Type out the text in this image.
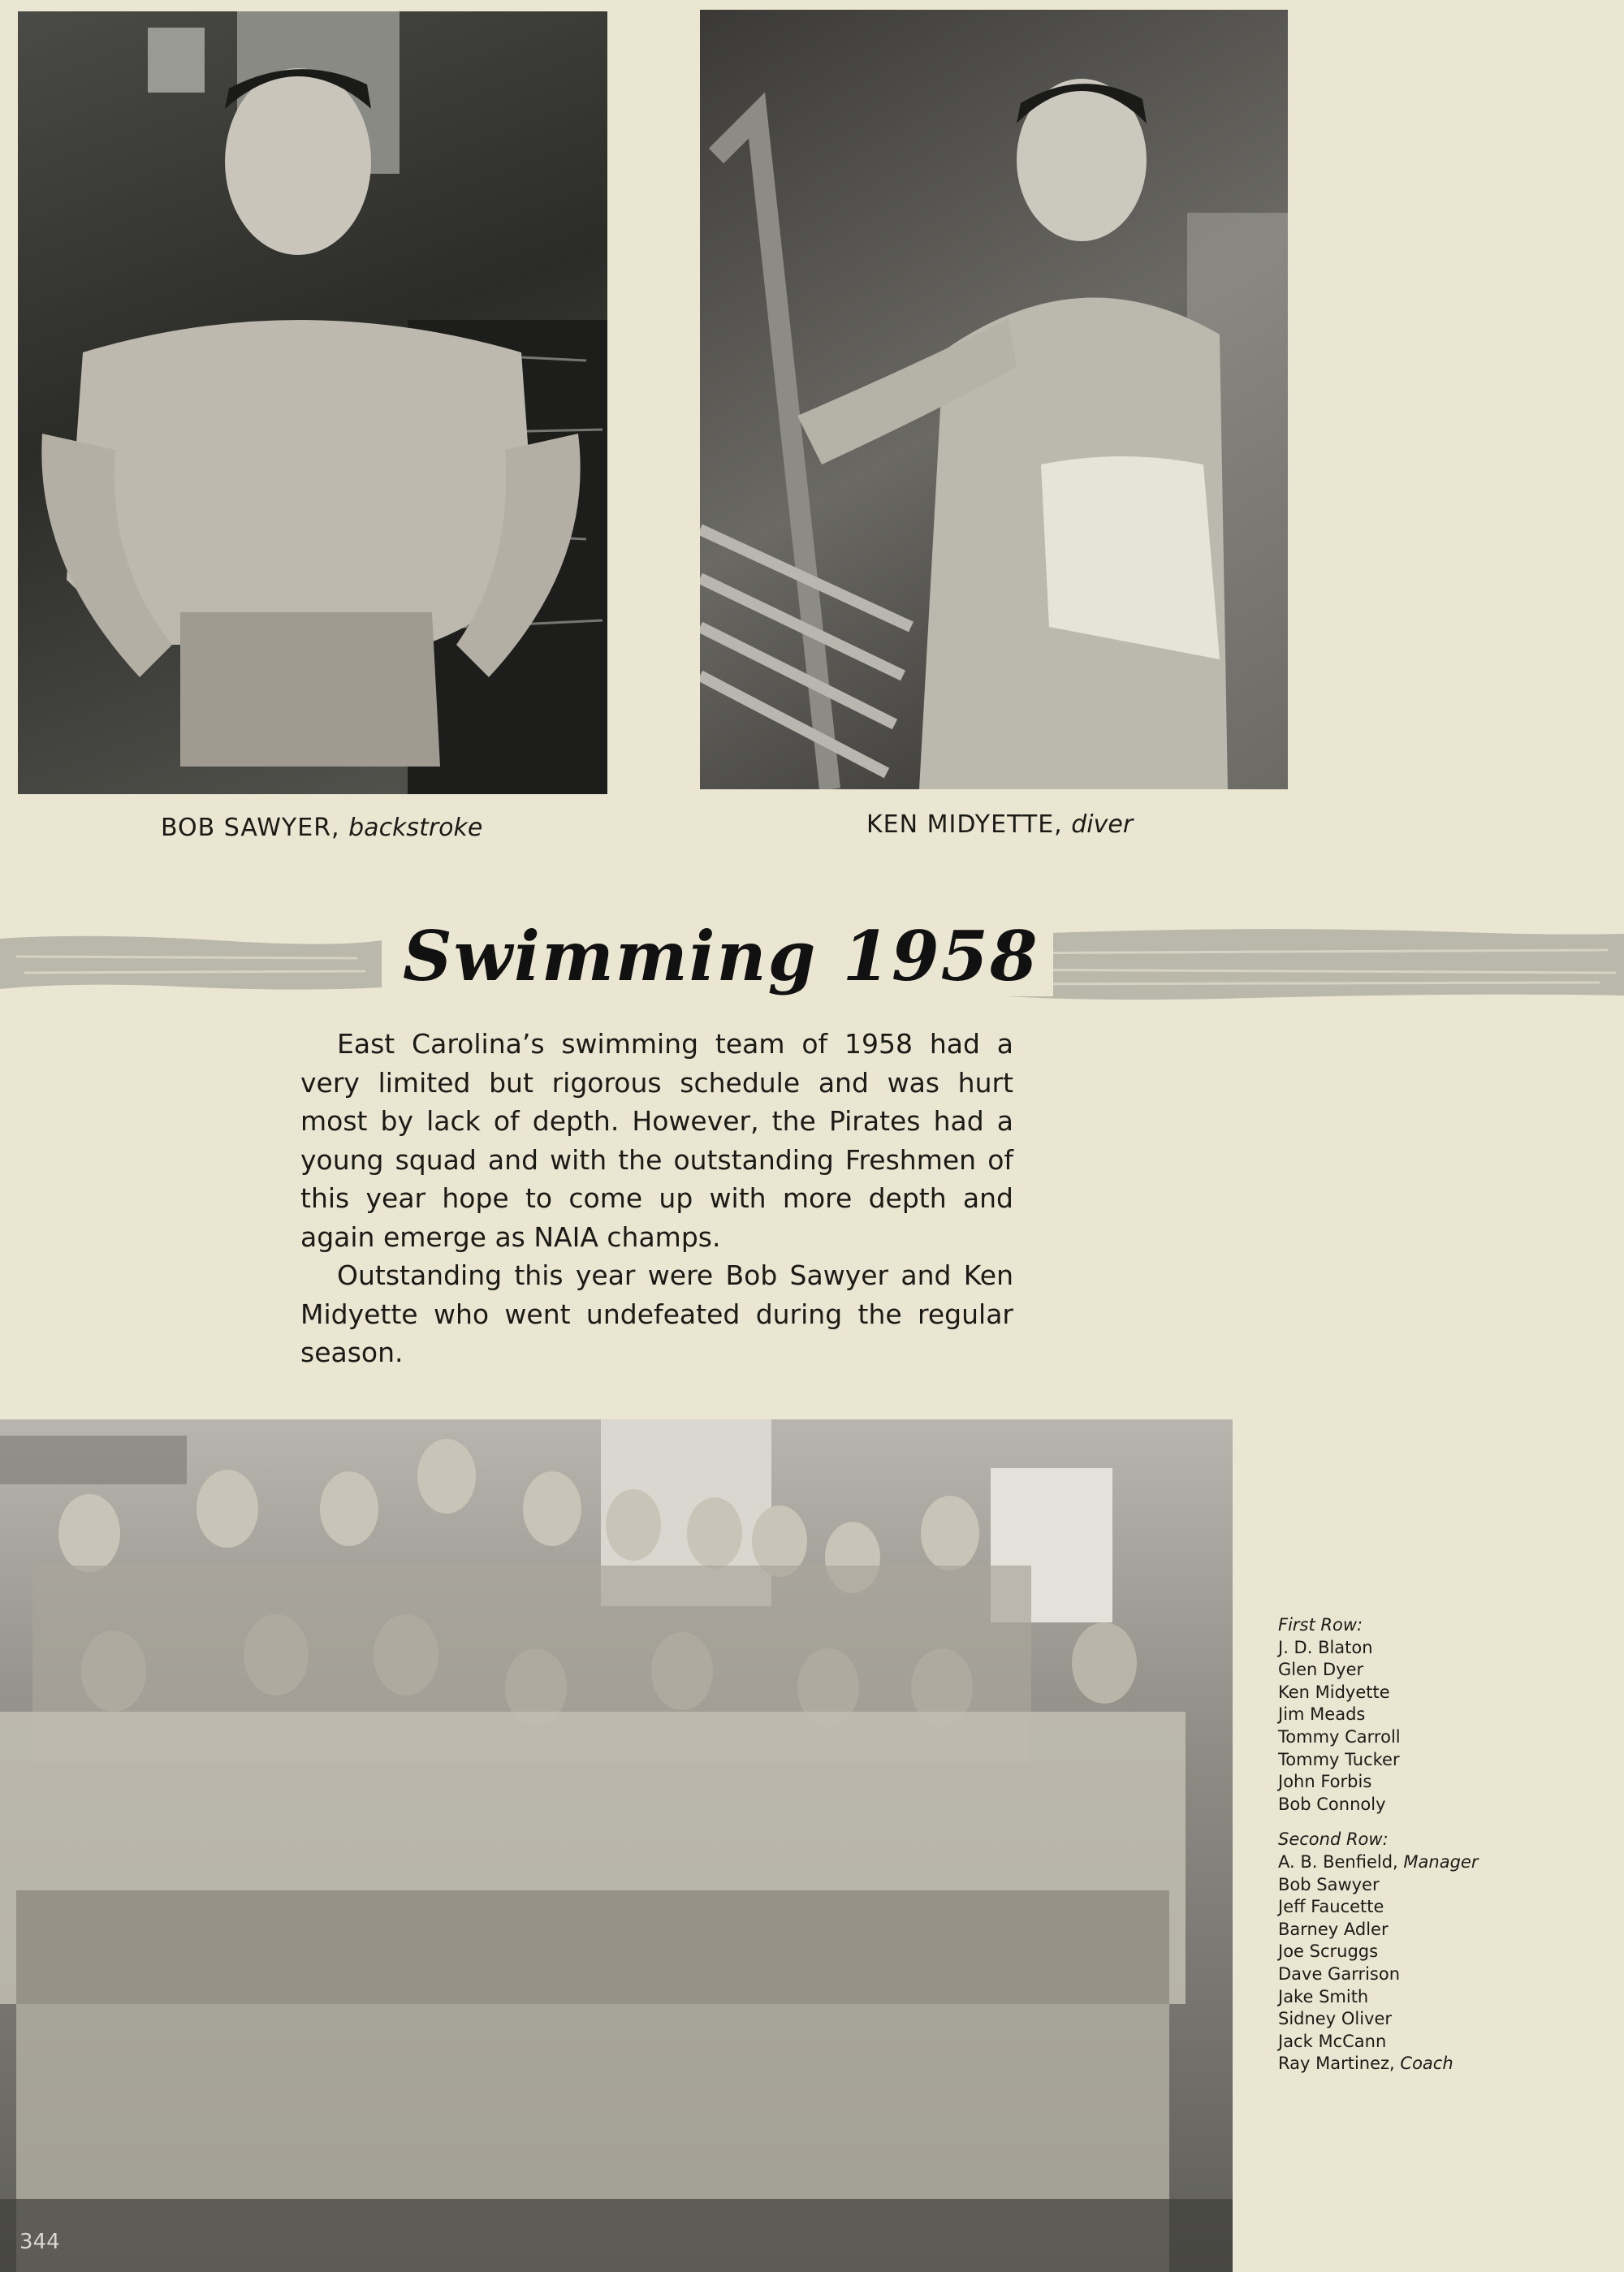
BOB SAWYER, backstroke	KEN MIDYETTE, diver
Swimming 1958

East Carolina’s swimming team of 1958 had a very limited but rigorous schedule and was hurt most by lack of depth. However, the Pirates had a young squad and with the outstanding Freshmen of this year hope to come up with more depth and again emerge as NAIA champs.

Outstanding this year were Bob Sawyer and Ken Midyette who went undefeated during the regular season.

First Row:
J. D. Blaton
Glen Dyer
Ken Midyette
Jim Meads
Tommy Carroll
Tommy Tucker
John Forbis
Bob Connoly
Second Row:
A. B. Benfield, Manager
Bob Sawyer
Jeff Faucette
Barney Adler
Joe Scruggs
Dave Garrison
Jake Smith
Sidney Oliver
Jack McCann
Ray Martinez, Coach
344
